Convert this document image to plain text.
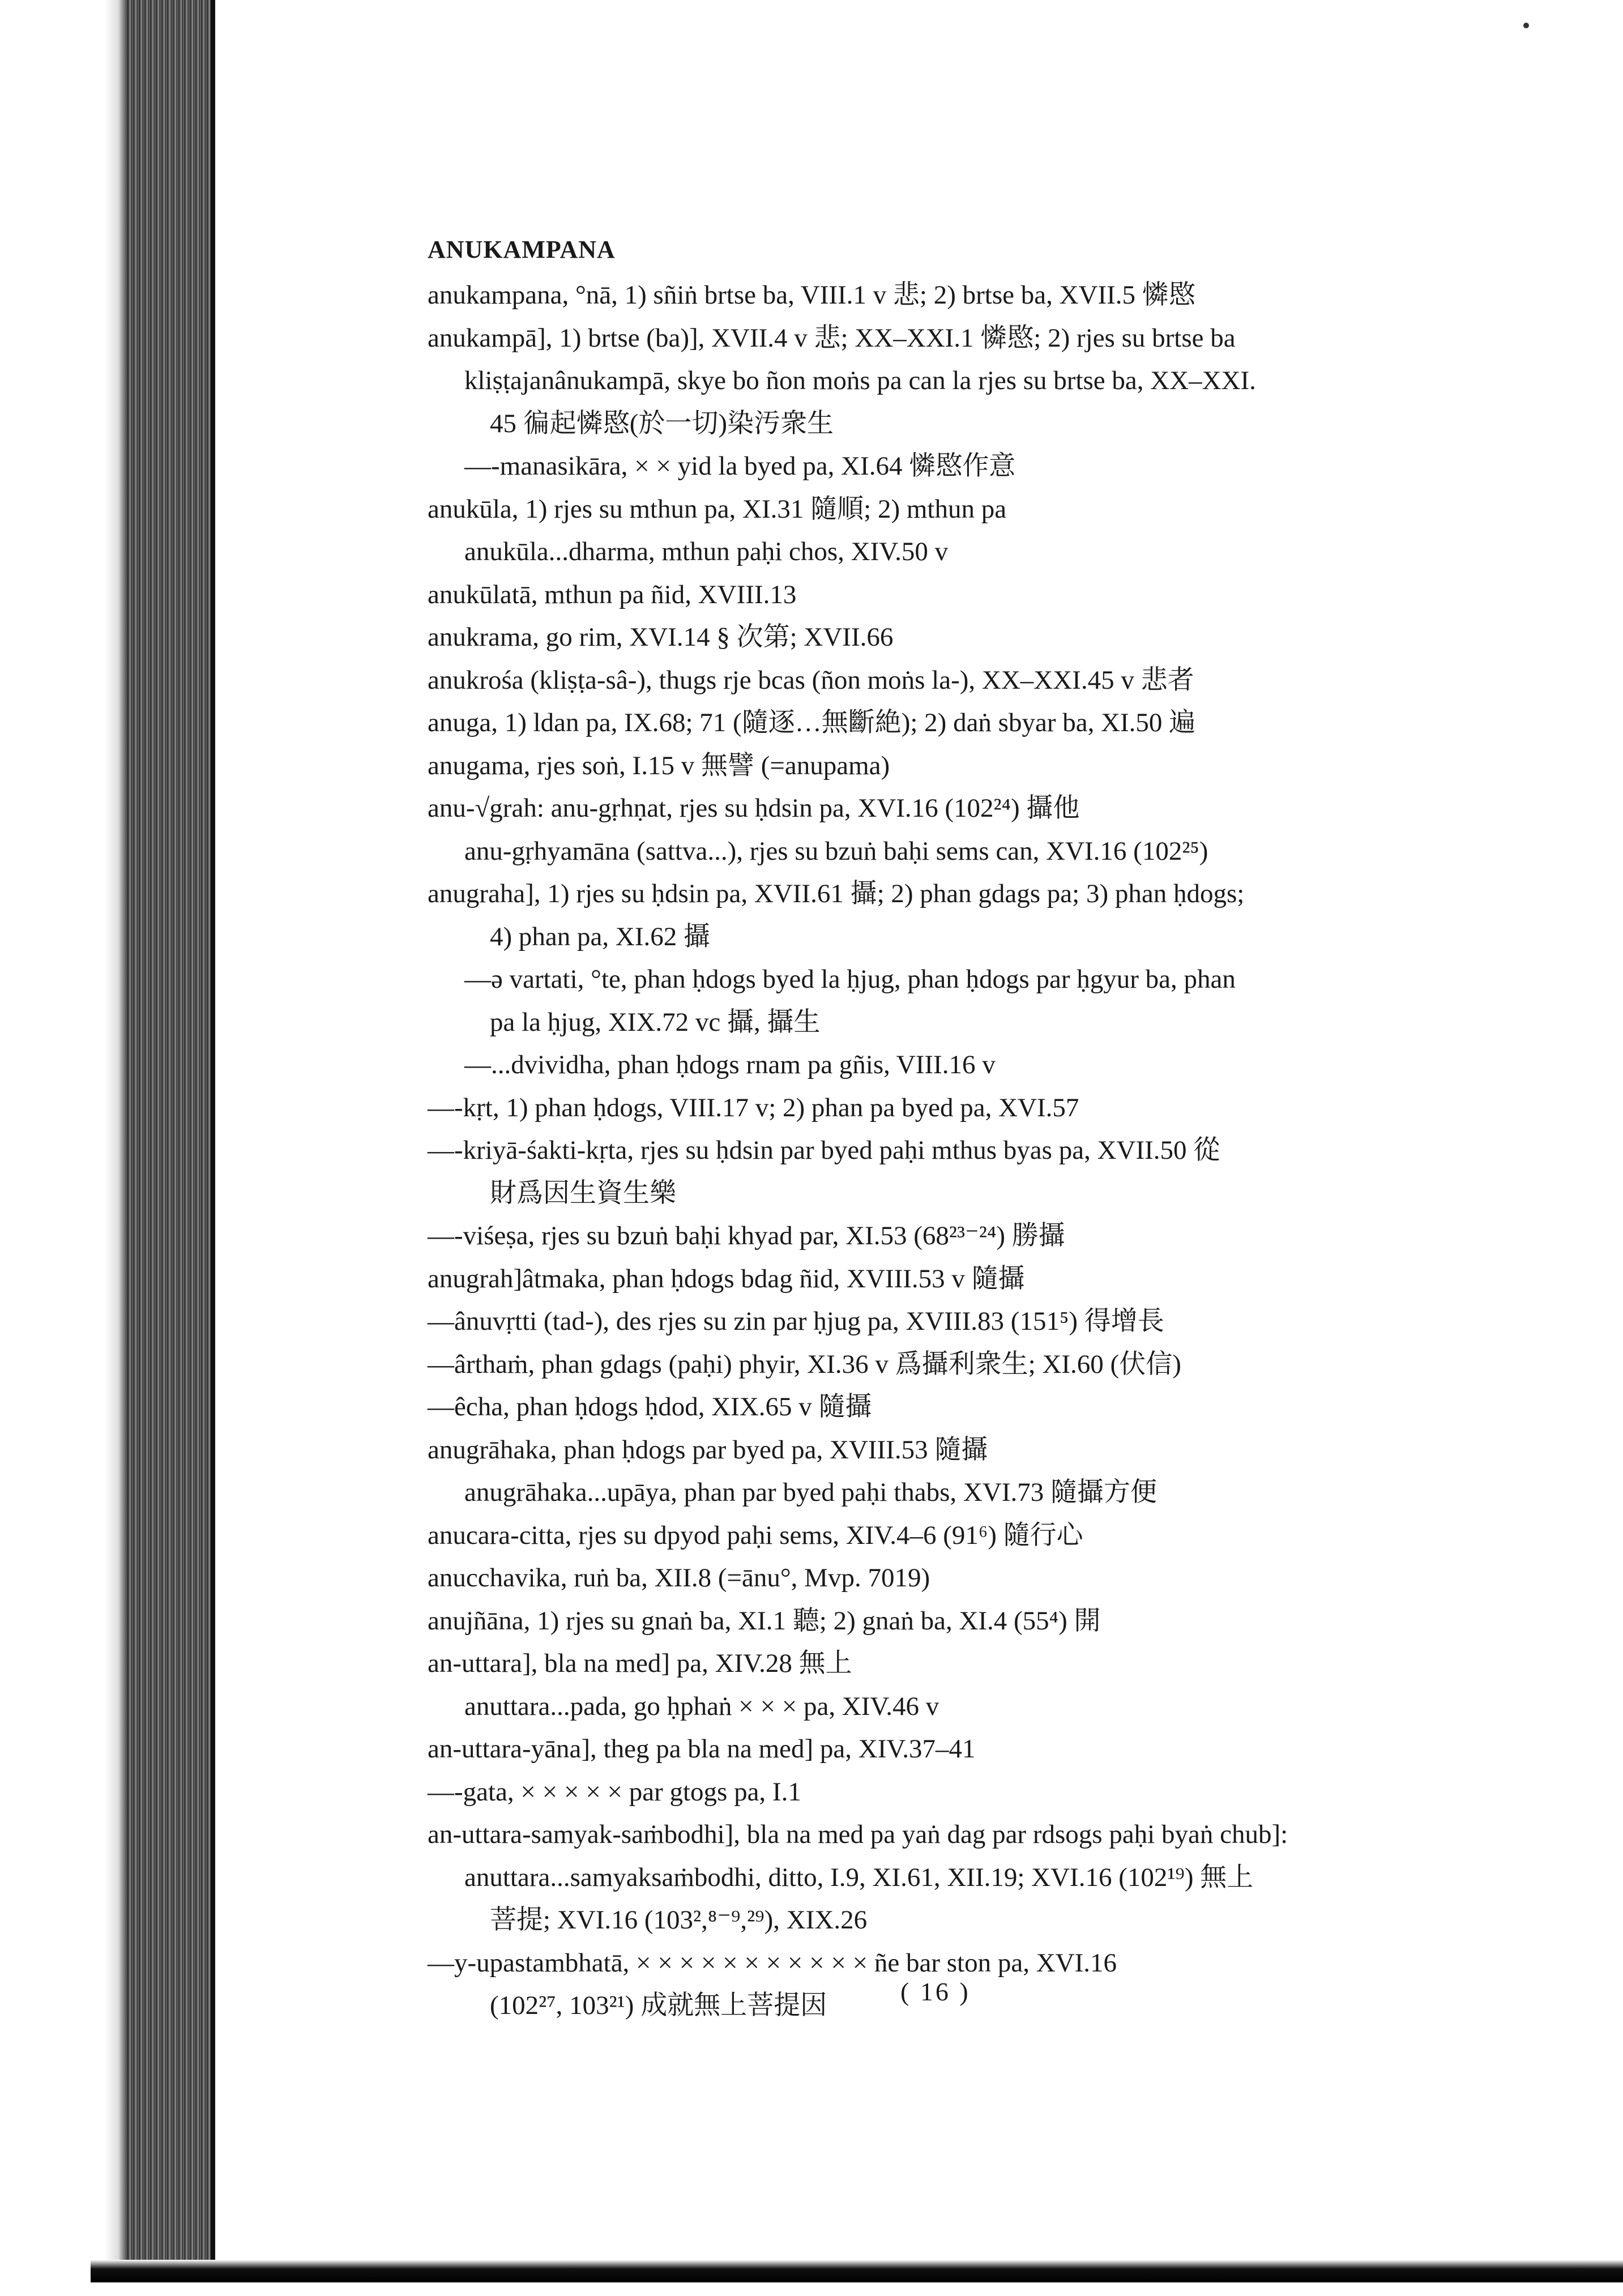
ANUKAMPANA
anukampana, °nā, 1) sñiṅ brtse ba, VIII.1 v 悲; 2) brtse ba, XVII.5 憐愍
anukampā], 1) brtse (ba)], XVII.4 v 悲; XX–XXI.1 憐愍; 2) rjes su brtse ba
kliṣṭajanânukampā, skye bo ñon moṅs pa can la rjes su brtse ba, XX–XXI.
45 徧起憐愍(於一切)染汚衆生
—-manasikāra, × × yid la byed pa, XI.64 憐愍作意
anukūla, 1) rjes su mthun pa, XI.31 隨順; 2) mthun pa
anukūla...dharma, mthun paḥi chos, XIV.50 v
anukūlatā, mthun pa ñid, XVIII.13
anukrama, go rim, XVI.14 § 次第; XVII.66
anukrośa (kliṣṭa-sâ-), thugs rje bcas (ñon moṅs la-), XX–XXI.45 v 悲者
anuga, 1) ldan pa, IX.68; 71 (隨逐…無斷絶); 2) daṅ sbyar ba, XI.50 遍
anugama, rjes soṅ, I.15 v 無譬 (=anupama)
anu-√grah: anu-gṛhṇat, rjes su ḥdsin pa, XVI.16 (102²⁴) 攝他
anu-gṛhyamāna (sattva...), rjes su bzuṅ baḥi sems can, XVI.16 (102²⁵)
anugraha], 1) rjes su ḥdsin pa, XVII.61 攝; 2) phan gdags pa; 3) phan ḥdogs;
4) phan pa, XI.62 攝
—ə vartati, °te, phan ḥdogs byed la ḥjug, phan ḥdogs par ḥgyur ba, phan
pa la ḥjug, XIX.72 vc 攝, 攝生
—...dvividha, phan ḥdogs rnam pa gñis, VIII.16 v
—-kṛt, 1) phan ḥdogs, VIII.17 v; 2) phan pa byed pa, XVI.57
—-kriyā-śakti-kṛta, rjes su ḥdsin par byed paḥi mthus byas pa, XVII.50 從
財爲因生資生樂
—-viśeṣa, rjes su bzuṅ baḥi khyad par, XI.53 (68²³⁻²⁴) 勝攝
anugrah]âtmaka, phan ḥdogs bdag ñid, XVIII.53 v 隨攝
—ânuvṛtti (tad-), des rjes su zin par ḥjug pa, XVIII.83 (151⁵) 得增長
—ârthaṁ, phan gdags (paḥi) phyir, XI.36 v 爲攝利衆生; XI.60 (伏信)
—êcha, phan ḥdogs ḥdod, XIX.65 v 隨攝
anugrāhaka, phan ḥdogs par byed pa, XVIII.53 隨攝
anugrāhaka...upāya, phan par byed paḥi thabs, XVI.73 隨攝方便
anucara-citta, rjes su dpyod paḥi sems, XIV.4–6 (91⁶) 隨行心
anucchavika, ruṅ ba, XII.8 (=ānu°, Mvp. 7019)
anujñāna, 1) rjes su gnaṅ ba, XI.1 聽; 2) gnaṅ ba, XI.4 (55⁴) 開
an-uttara], bla na med] pa, XIV.28 無上
anuttara...pada, go ḥphaṅ × × × pa, XIV.46 v
an-uttara-yāna], theg pa bla na med] pa, XIV.37–41
—-gata, × × × × × par gtogs pa, I.1
an-uttara-samyak-saṁbodhi], bla na med pa yaṅ dag par rdsogs paḥi byaṅ chub]:
anuttara...samyaksaṁbodhi, ditto, I.9, XI.61, XII.19; XVI.16 (102¹⁹) 無上
菩提; XVI.16 (103²,⁸⁻⁹,²⁹), XIX.26
—y-upastambhatā, × × × × × × × × × × × ñe bar ston pa, XVI.16
(102²⁷, 103²¹) 成就無上菩提因	( 16 )
